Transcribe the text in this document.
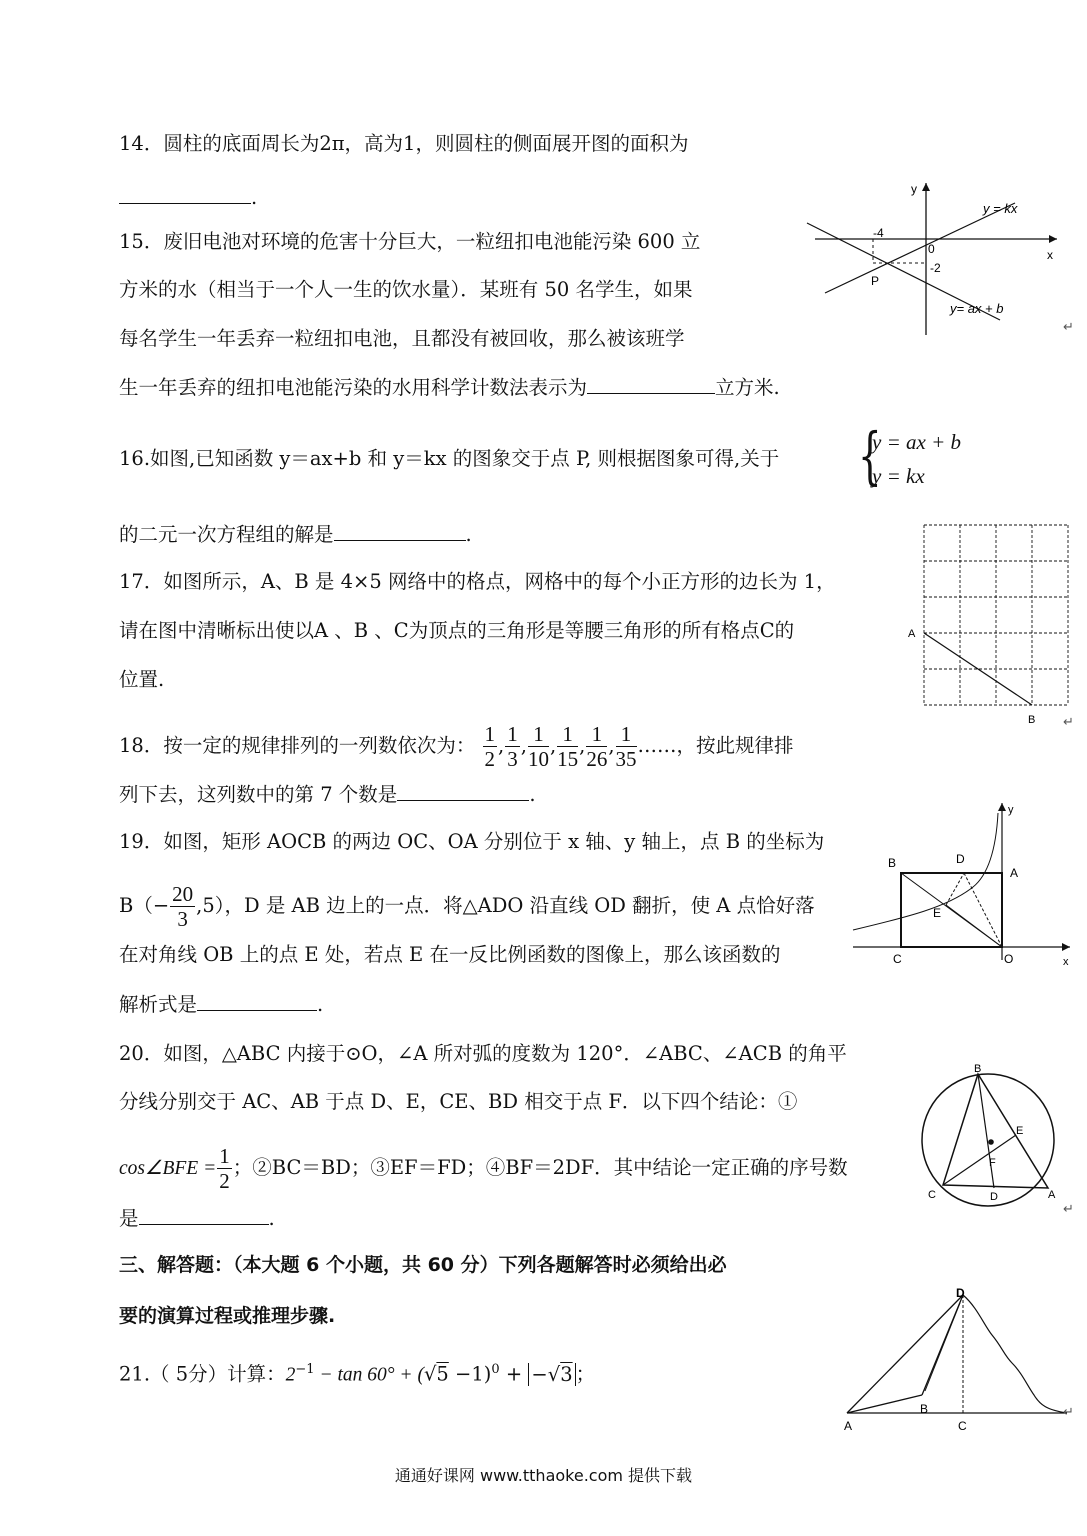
14．圆柱的底面周长为2π，高为1，则圆柱的侧面展开图的面积为
.
15．废旧电池对环境的危害十分巨大，一粒纽扣电池能污染 600 立
方米的水（相当于一个人一生的饮水量）．某班有 50 名学生，如果
每名学生一年丢弃一粒纽扣电池，且都没有被回收，那么被该班学
生一年丢弃的纽扣电池能污染的水用科学计数法表示为	立方米.
16.如图,已知函数 y＝ax+b 和 y＝kx 的图象交于点 P, 则根据图象可得,关于 {
y = ax + b
y = kx
的二元一次方程组的解是	.
17．如图所示，A、B 是 4×5 网络中的格点，网格中的每个小正方形的边长为 1，
请在图中清晰标出使以A 、B 、C为顶点的三角形是等腰三角形的所有格点C的
位置.
18．按一定的规律排列的一列数依次为： $\frac{1}{2}$ , $\frac{1}{3}$ , $\frac{1}{10}$ , $\frac{1}{15}$ , $\frac{1}{26}$ , $\frac{1}{35}$ ……，按此规律排
列下去，这列数中的第 7 个数是	.
19．如图，矩形 AOCB 的两边 OC、OA 分别位于 x 轴、y 轴上，点 B 的坐标为
$B(- \frac{20}{3} ,5)$，D 是 AB 边上的一点．将△ADO 沿直线 OD 翻折，使 A 点恰好落
在对角线 OB 上的点 E 处，若点 E 在一反比例函数的图像上，那么该函数的
解析式是	.
20．如图，△ABC 内接于⊙O，∠A 所对弧的度数为 120°．∠ABC、∠ACB 的角平
分线分别交于 AC、AB 于点 D、E，CE、BD 相交于点 F．以下四个结论：①
cos∠BFE = $\frac{1}{2}$ ；②BC＝BD；③EF＝FD；④BF＝2DF．其中结论一定正确的序号数
是	.
三、解答题：（本大题 6 个小题，共 60 分）下列各题解答时必须给出必
要的演算过程或推理步骤.
21.（ 5分）计算：$2^{-1} - \tan 60^\circ + (√5 -1)^0 + -√3$ ；
y
x
y = kx
y= ax + b
-4
0
-2
P
↵
A
B ↵
B	D
A
E
C	O	x
y
B
E
F
C	D	A
↵
D
B
A	C
↵
通通好课网 www.tthaoke.com 提供下载
